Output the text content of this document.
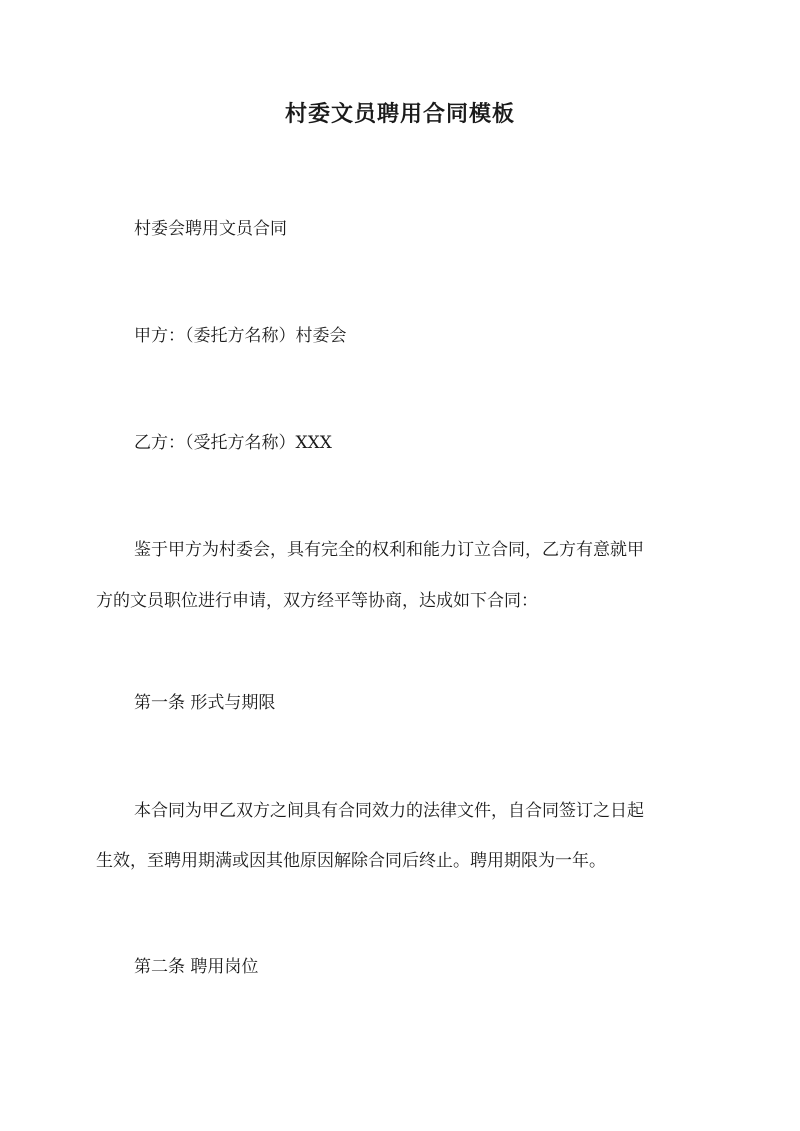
村委文员聘用合同模板
村委会聘用文员合同
甲方：（委托方名称）村委会
乙方：（受托方名称）XXX
鉴于甲方为村委会，具有完全的权利和能力订立合同，乙方有意就甲
方的文员职位进行申请，双方经平等协商，达成如下合同：
第一条 形式与期限
本合同为甲乙双方之间具有合同效力的法律文件，自合同签订之日起
生效，至聘用期满或因其他原因解除合同后终止。聘用期限为一年。
第二条 聘用岗位
